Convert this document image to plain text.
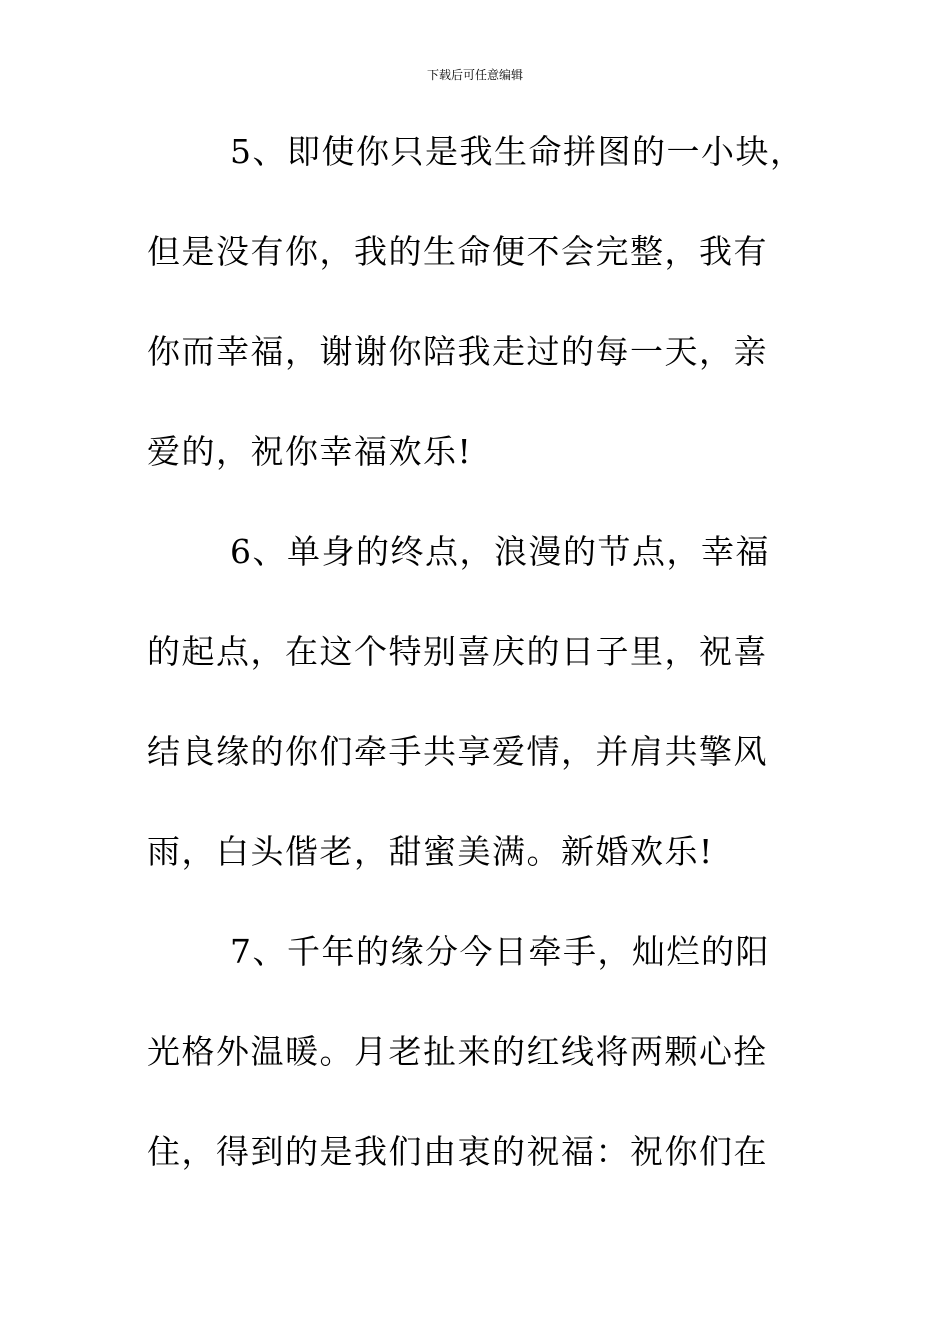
下载后可任意编辑
5、即使你只是我生命拼图的一小块，
但是没有你，我的生命便不会完整，我有
你而幸福，谢谢你陪我走过的每一天，亲
爱的，祝你幸福欢乐!
6、单身的终点，浪漫的节点，幸福
的起点，在这个特别喜庆的日子里，祝喜
结良缘的你们牵手共享爱情，并肩共擎风
雨，白头偕老，甜蜜美满。新婚欢乐!
7、千年的缘分今日牵手，灿烂的阳
光格外温暖。月老扯来的红线将两颗心拴
住，得到的是我们由衷的祝福：祝你们在
